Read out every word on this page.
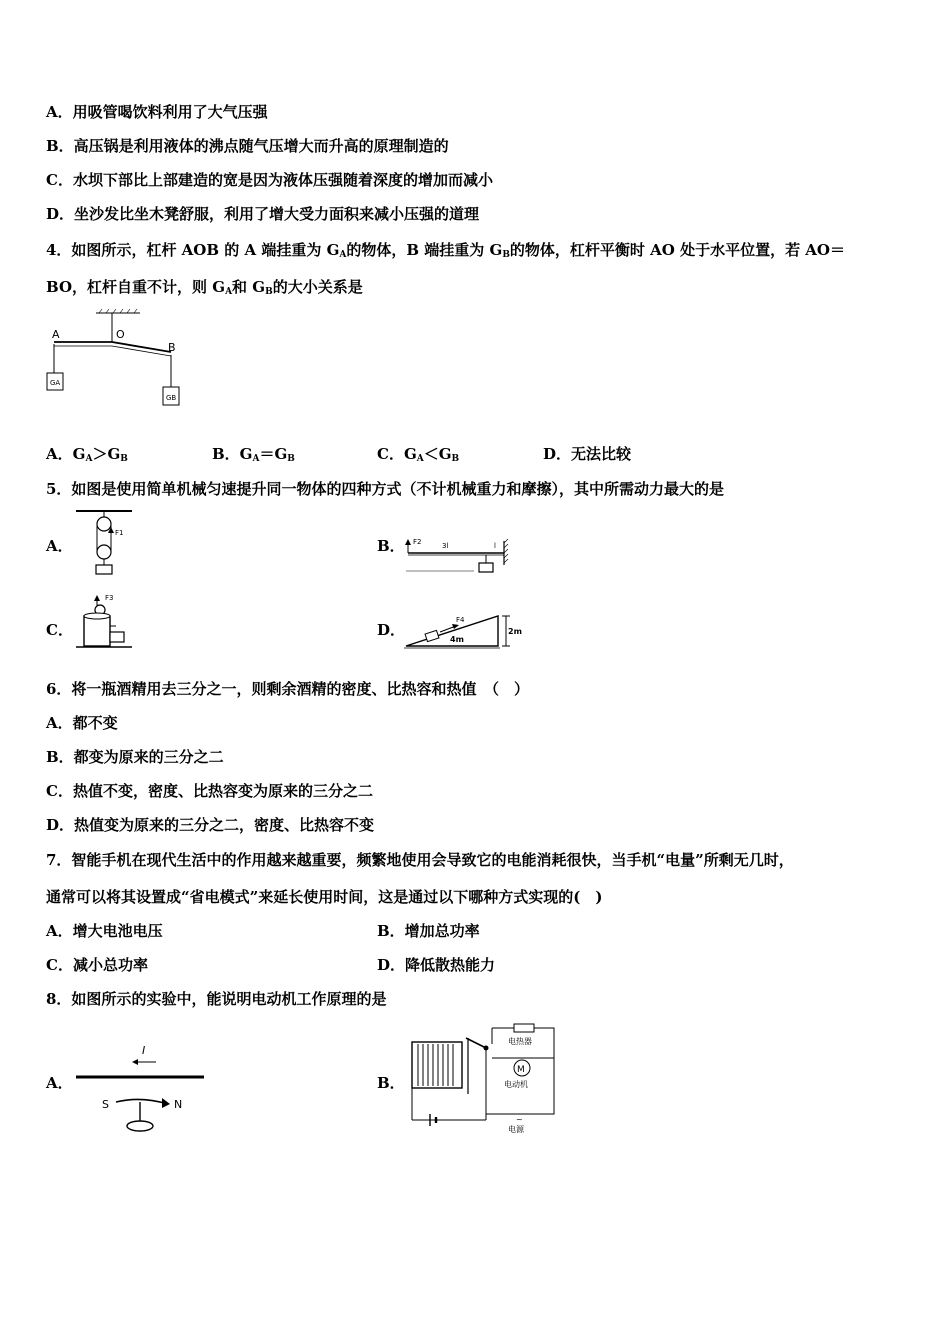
A．用吸管喝饮料利用了大气压强
B．高压锅是利用液体的沸点随气压增大而升高的原理制造的
C．水坝下部比上部建造的宽是因为液体压强随着深度的增加而减小
D．坐沙发比坐木凳舒服，利用了增大受力面积来减小压强的道理
4．如图所示，杠杆 AOB 的 A 端挂重为 $G_A$的物体，B 端挂重为 $G_B$的物体，杠杆平衡时 AO 处于水平位置，若 AO＝
BO，杠杆自重不计，则 $G_A$和 $G_B$的大小关系是
A	O
B
GA
GB
A．$G_A>G_B$	B．$G_A=G_B$	C．$G_A<G_B$	D．无法比较
5．如图是使用简单机械匀速提升同一物体的四种方式（不计机械重力和摩擦），其中所需动力最大的是
A．
F1
B． F2	3l	l
C．
F3
D．
F4
4m
2m
6．将一瓶酒精用去三分之一，则剩余酒精的密度、比热容和热值　（　）
A．都不变
B．都变为原来的三分之二
C．热值不变，密度、比热容变为原来的三分之二
D．热值变为原来的三分之二，密度、比热容不变
7．智能手机在现代生活中的作用越来越重要，频繁地使用会导致它的电能消耗很快，当手机“电量”所剩无几时，
通常可以将其设置成“省电模式”来延长使用时间，这是通过以下哪种方式实现的(　)
A．增大电池电压	B．增加总功率
C．减小总功率	D．降低散热能力
8．如图所示的实验中，能说明电动机工作原理的是
A．
I
S	N
B．
电热器
M
电动机
~
电源
